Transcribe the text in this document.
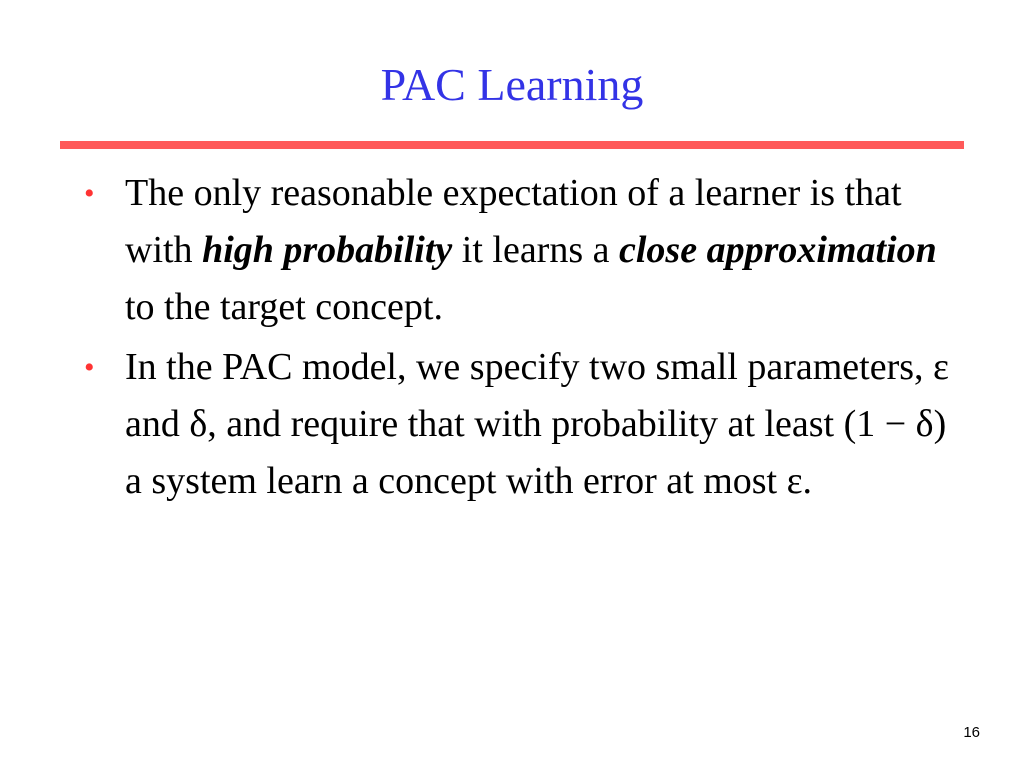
PAC Learning
• The only reasonable expectation of a learner is that with high probability it learns a close approximation to the target concept.
• In the PAC model, we specify two small parameters, ε and δ, and require that with probability at least (1 − δ) a system learn a concept with error at most ε.
16
